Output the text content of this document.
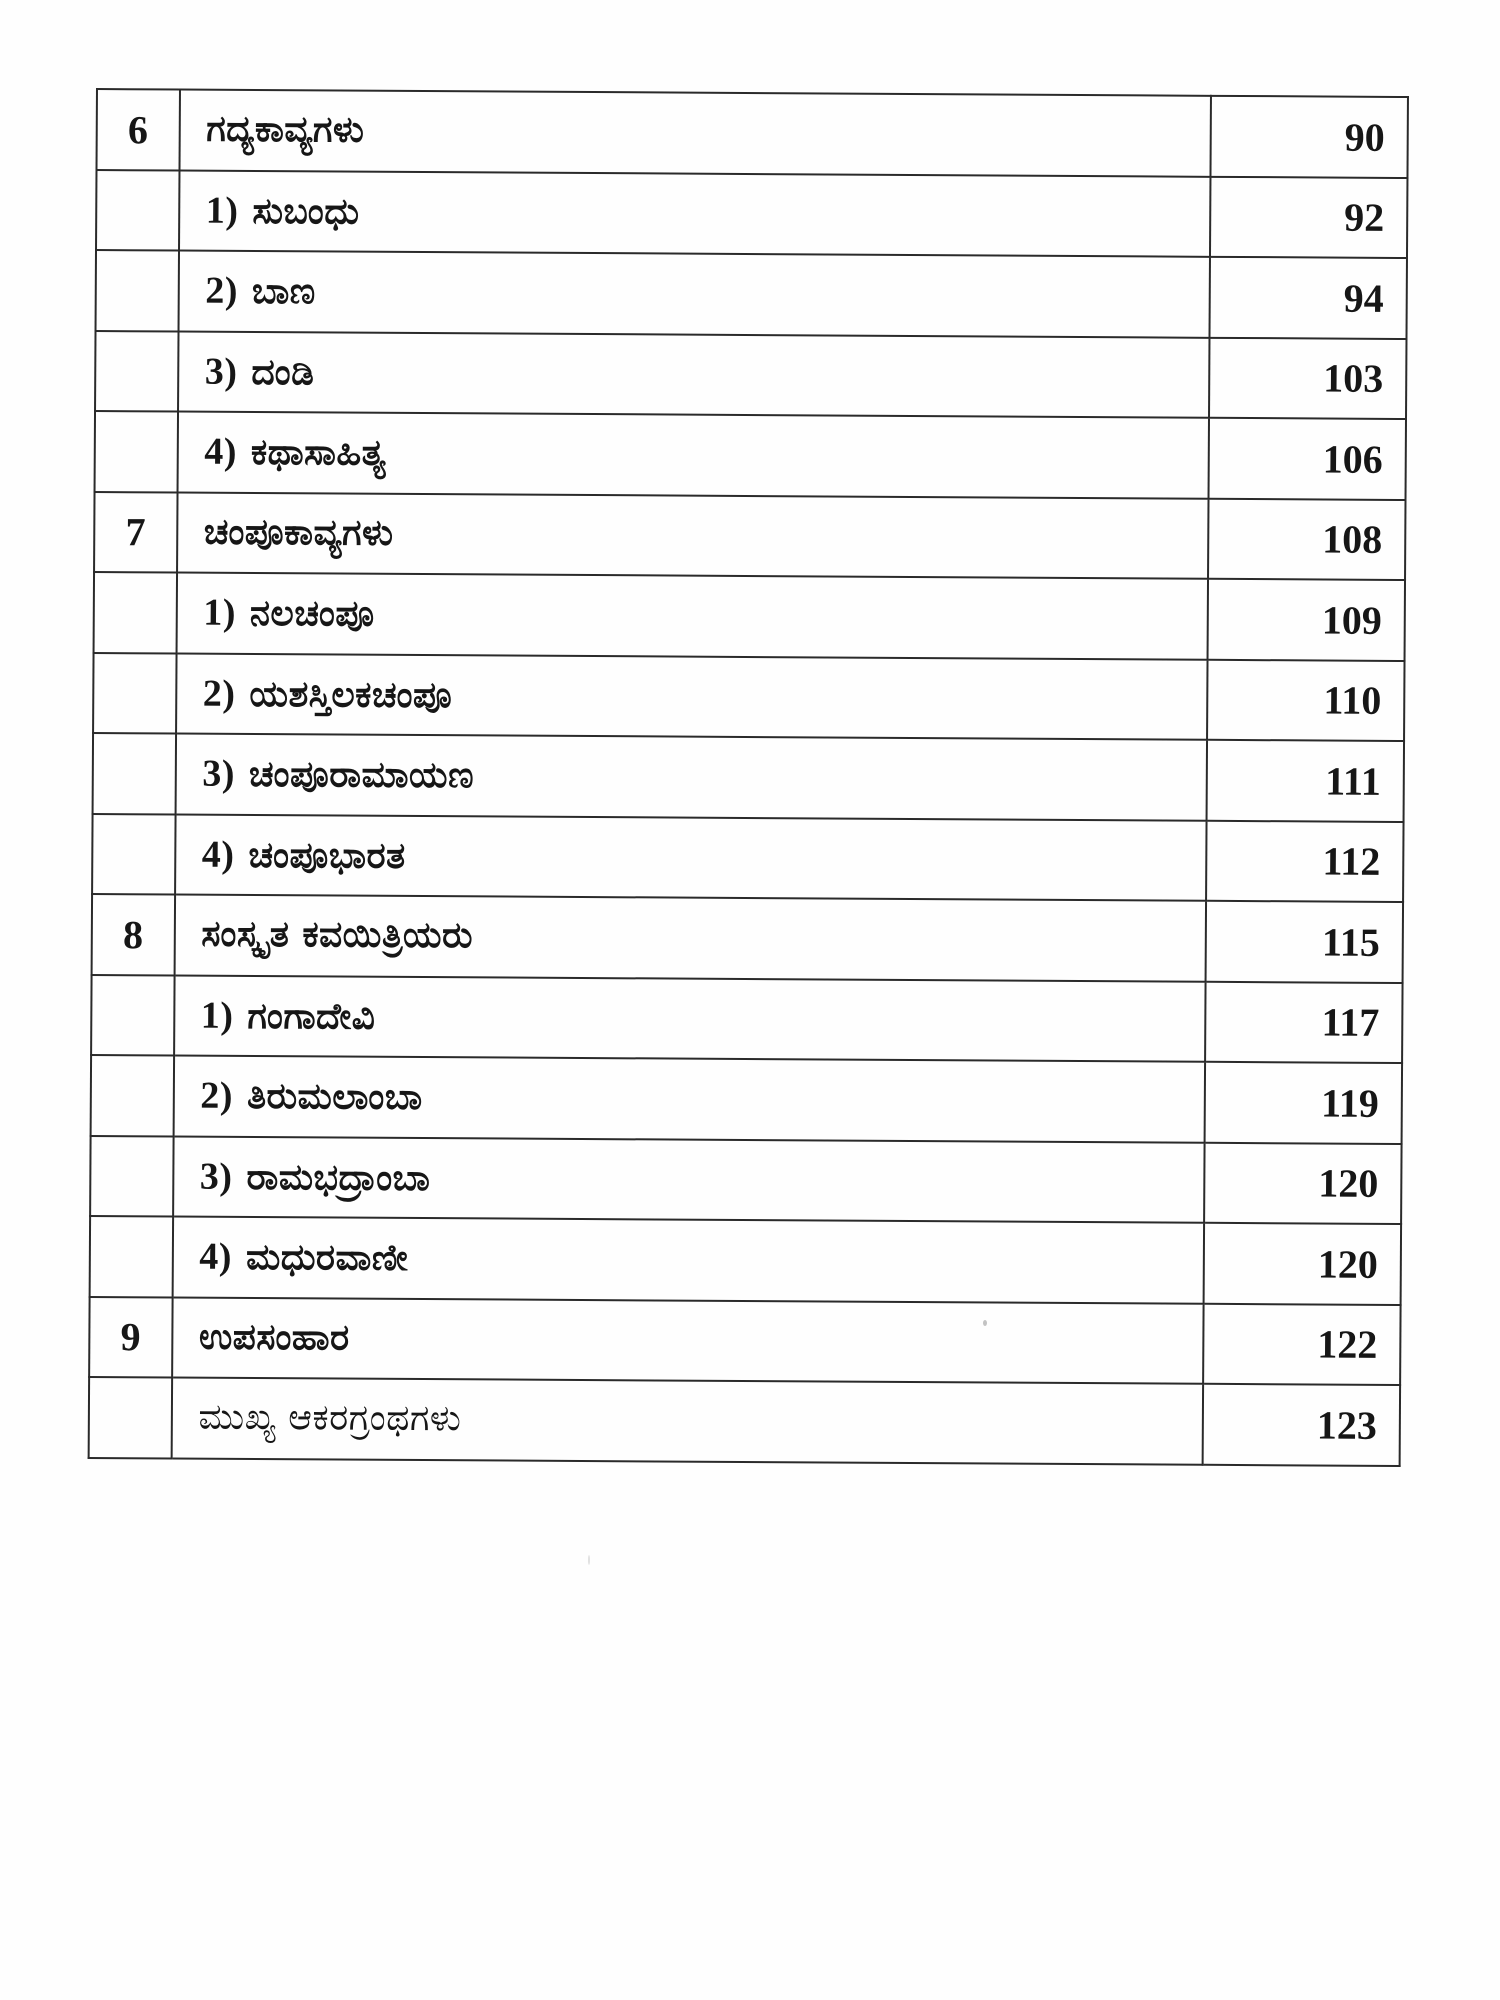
6	ಗದ್ಯಕಾವ್ಯಗಳು	90
	1) ಸುಬಂಧು	92
	2) ಬಾಣ	94
	3) ದಂಡಿ	103
	4) ಕಥಾಸಾಹಿತ್ಯ	106
7	ಚಂಪೂಕಾವ್ಯಗಳು	108
	1) ನಲಚಂಪೂ	109
	2) ಯಶಸ್ತಿಲಕಚಂಪೂ	110
	3) ಚಂಪೂರಾಮಾಯಣ	111
	4) ಚಂಪೂಭಾರತ	112
8	ಸಂಸ್ಕೃತ ಕವಯಿತ್ರಿಯರು	115
	1) ಗಂಗಾದೇವಿ	117
	2) ತಿರುಮಲಾಂಬಾ	119
	3) ರಾಮಭದ್ರಾಂಬಾ	120
	4) ಮಧುರವಾಣೀ	120
9	ಉಪಸಂಹಾರ	122
	ಮುಖ್ಯ ಆಕರಗ್ರಂಥಗಳು	123
